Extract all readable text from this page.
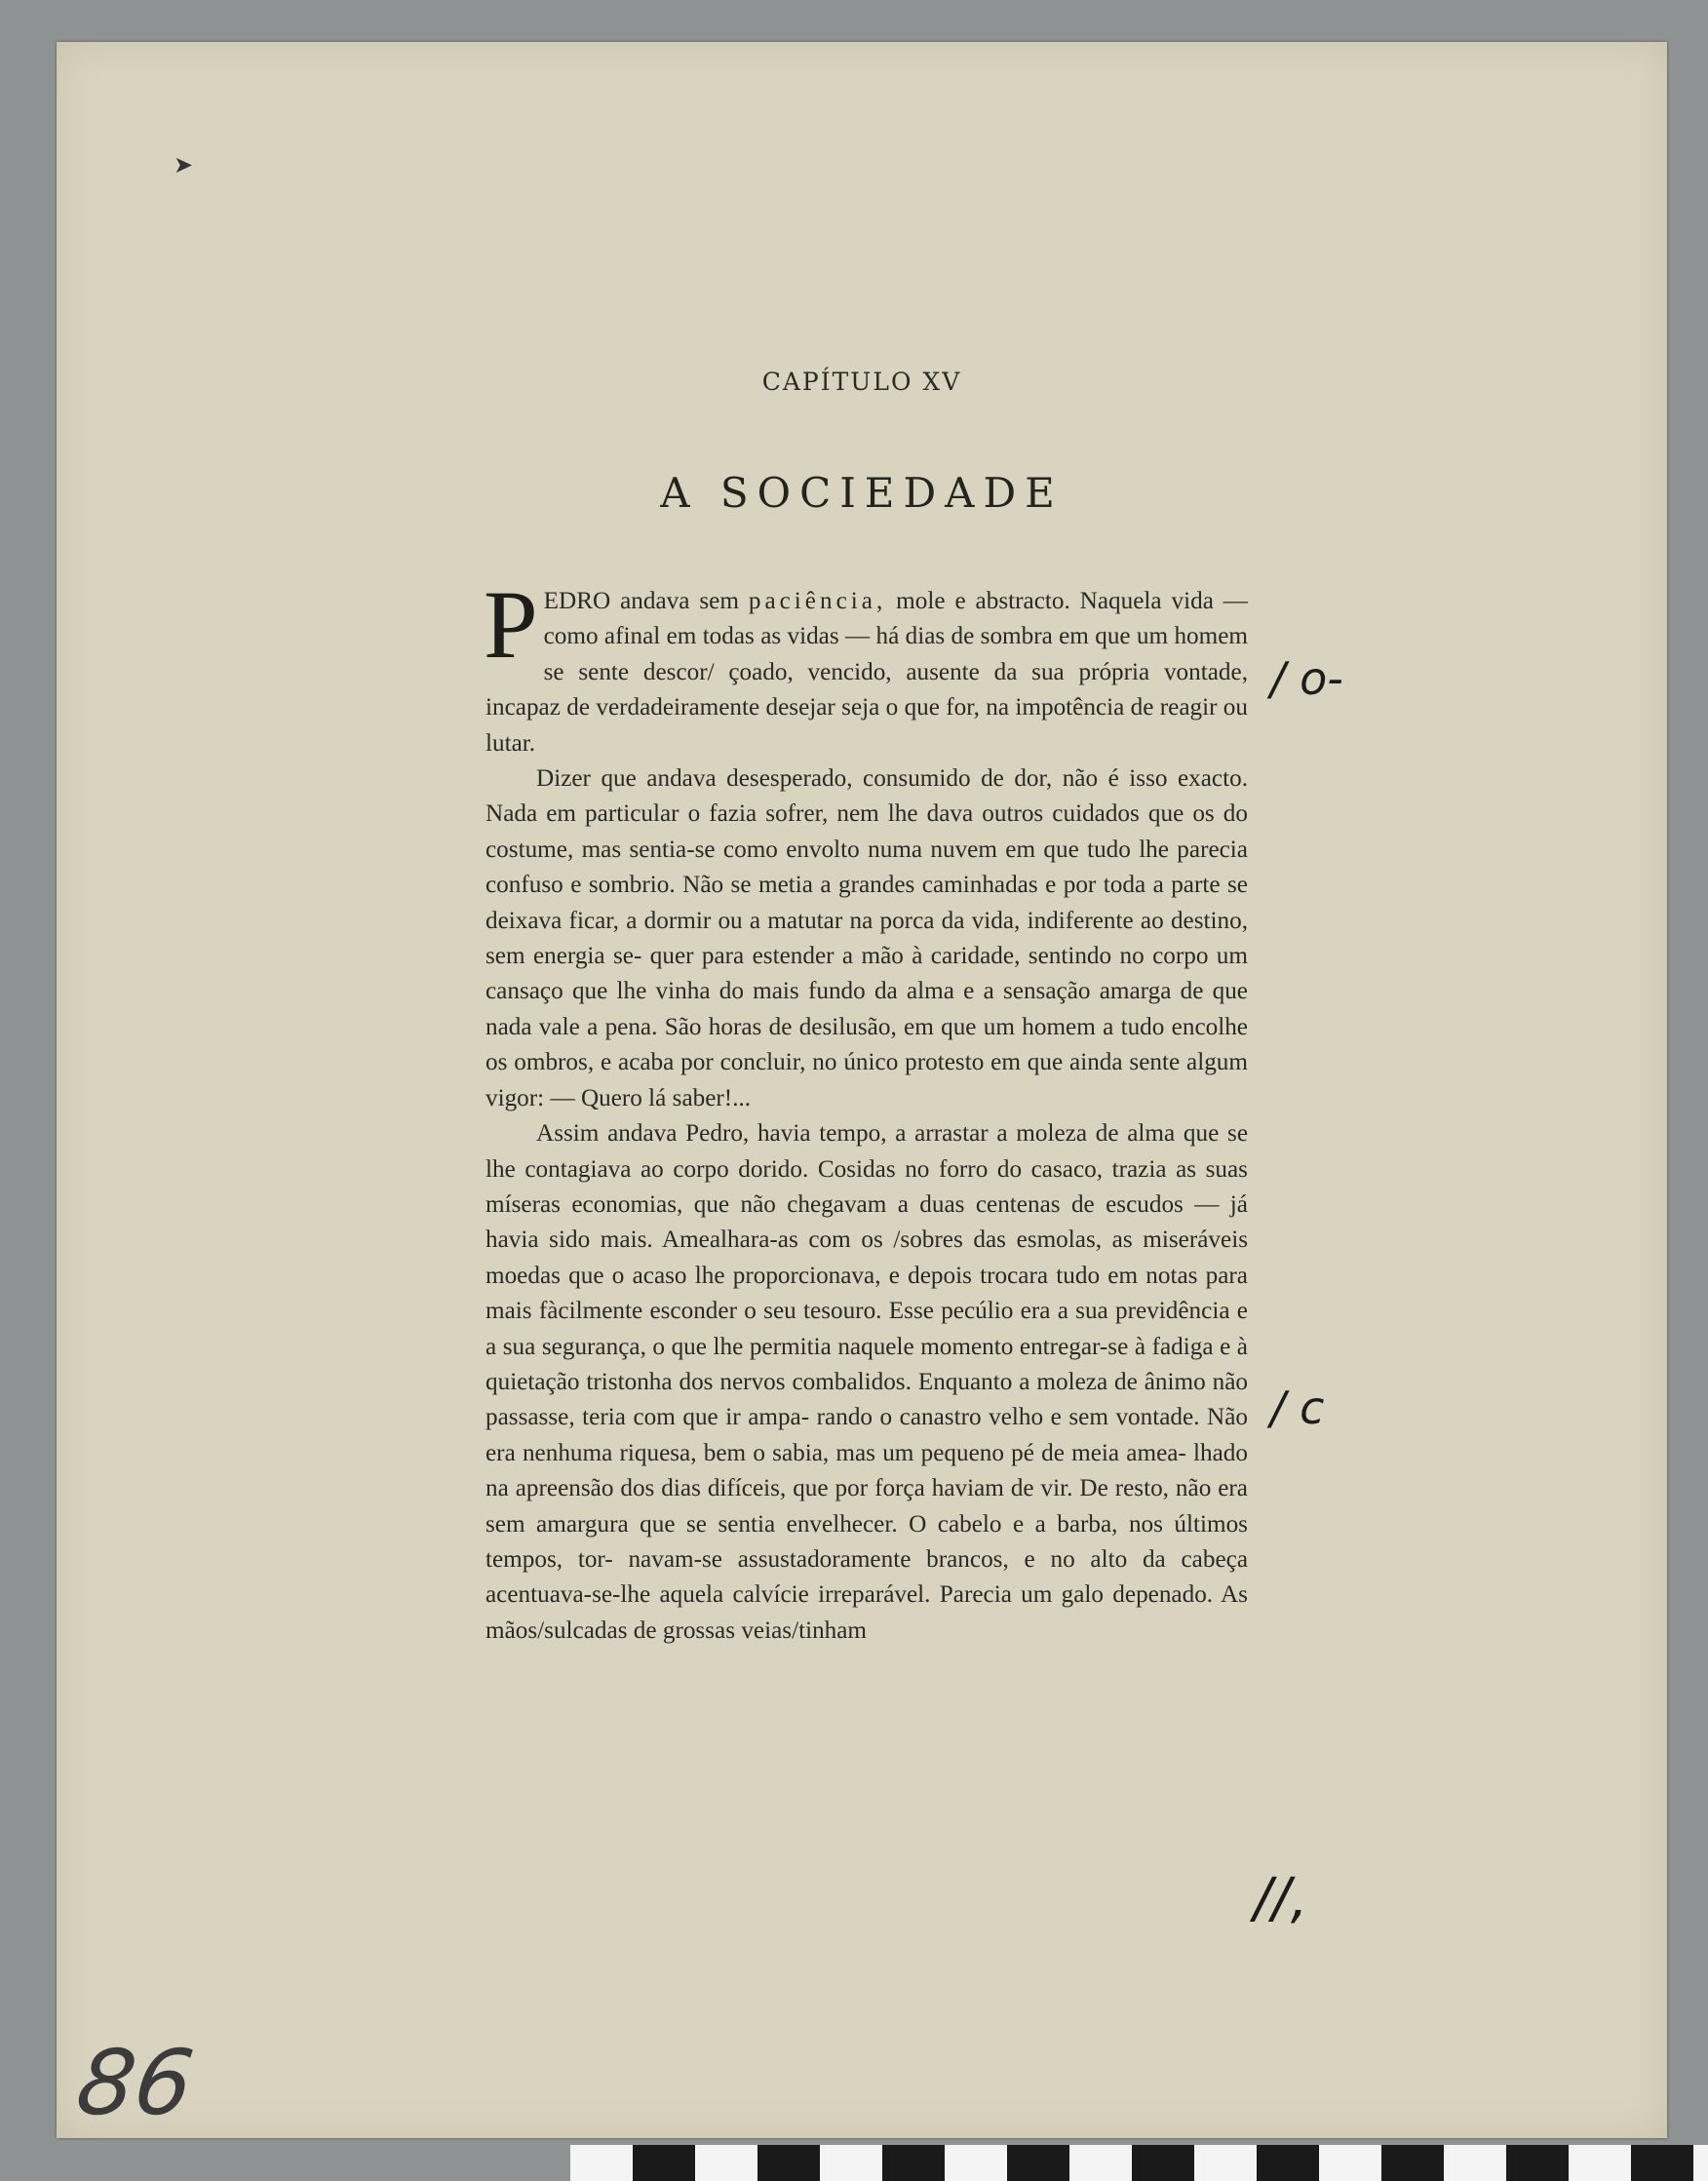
➤
CAPÍTULO XV
A SOCIEDADE

PEDRO andava sem paciência, mole e abstracto. Naquela vida — como afinal em todas as vidas — há dias de sombra em que um homem se sente descor/ çoado, vencido, ausente da sua própria vontade, incapaz de verdadeiramente desejar seja o que for, na impotência de reagir ou lutar.

Dizer que andava desesperado, consumido de dor, não é isso exacto. Nada em particular o fazia sofrer, nem lhe dava outros cuidados que os do costume, mas sentia-se como envolto numa nuvem em que tudo lhe parecia confuso e sombrio. Não se metia a grandes caminhadas e por toda a parte se deixava ficar, a dormir ou a matutar na porca da vida, indiferente ao destino, sem energia se- quer para estender a mão à caridade, sentindo no corpo um cansaço que lhe vinha do mais fundo da alma e a sensação amarga de que nada vale a pena. São horas de desilusão, em que um homem a tudo encolhe os ombros, e acaba por concluir, no único protesto em que ainda sente algum vigor: — Quero lá saber!...

Assim andava Pedro, havia tempo, a arrastar a moleza de alma que se lhe contagiava ao corpo dorido. Cosidas no forro do casaco, trazia as suas míseras economias, que não chegavam a duas centenas de escudos — já havia sido mais. Amealhara-as com os /sobres das esmolas, as miseráveis moedas que o acaso lhe proporcionava, e depois trocara tudo em notas para mais fàcilmente esconder o seu tesouro. Esse pecúlio era a sua previdência e a sua segurança, o que lhe permitia naquele momento entregar-se à fadiga e à quietação tristonha dos nervos combalidos. Enquanto a moleza de ânimo não passasse, teria com que ir ampa- rando o canastro velho e sem vontade. Não era nenhuma riquesa, bem o sabia, mas um pequeno pé de meia amea- lhado na apreensão dos dias difíceis, que por força haviam de vir. De resto, não era sem amargura que se sentia envelhecer. O cabelo e a barba, nos últimos tempos, tor- navam-se assustadoramente brancos, e no alto da cabeça acentuava-se-lhe aquela calvície irreparável. Parecia um galo depenado. As mãos/sulcadas de grossas veias/tinham

/ o-
/ c
//,
86
